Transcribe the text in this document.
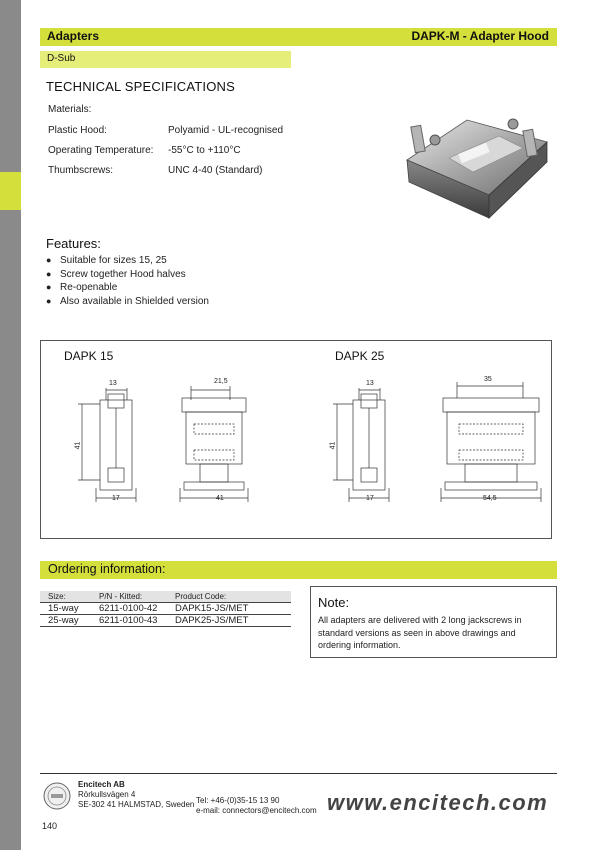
Adapters	DAPK-M - Adapter Hood
D-Sub
TECHNICAL SPECIFICATIONS
Materials:
Plastic Hood:	Polyamid - UL-recognised
Operating Temperature: -55°C to +110°C
Thumbscrews:	UNC 4-40 (Standard)
Features:
● Suitable for sizes 15, 25
● Screw together Hood halves
● Re-openable
● Also available in Shielded version
DAPK 15	DAPK 25
13	21,5
41
17	41
13
35
41
17	54,5
Ordering information:
Size:	P/N - Kitted:	Product Code:
15-way	6211-0100-42	DAPK15-JS/MET
25-way	6211-0100-43	DAPK25-JS/MET
Note:
All adapters are delivered with 2 long jackscrews in standard versions as seen in above drawings and ordering information.
Encitech AB
Rörkullsvägen 4
SE-302 41 HALMSTAD, Sweden Tel: +46-(0)35-15 13 90
e-mail: connectors@encitech.com www.encitech.com
140
